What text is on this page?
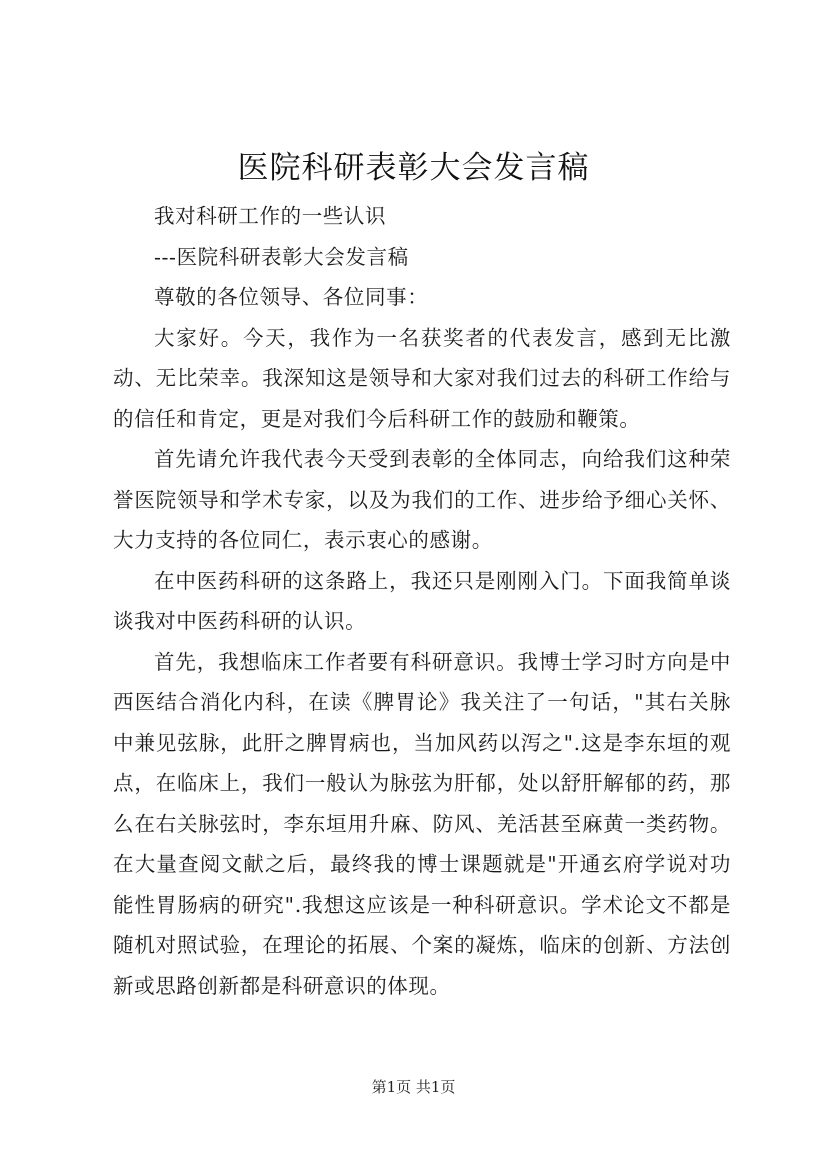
医院科研表彰大会发言稿

我对科研工作的一些认识

---医院科研表彰大会发言稿

尊敬的各位领导、各位同事：

大家好。今天，我作为一名获奖者的代表发言，感到无比激动、无比荣幸。我深知这是领导和大家对我们过去的科研工作给与的信任和肯定，更是对我们今后科研工作的鼓励和鞭策。

首先请允许我代表今天受到表彰的全体同志，向给我们这种荣誉医院领导和学术专家，以及为我们的工作、进步给予细心关怀、大力支持的各位同仁，表示衷心的感谢。

在中医药科研的这条路上，我还只是刚刚入门。下面我简单谈谈我对中医药科研的认识。

首先，我想临床工作者要有科研意识。我博士学习时方向是中西医结合消化内科，在读《脾胃论》我关注了一句话，"其右关脉中兼见弦脉，此肝之脾胃病也，当加风药以泻之".这是李东垣的观点，在临床上，我们一般认为脉弦为肝郁，处以舒肝解郁的药，那么在右关脉弦时，李东垣用升麻、防风、羌活甚至麻黄一类药物。在大量查阅文献之后，最终我的博士课题就是"开通玄府学说对功能性胃肠病的研究".我想这应该是一种科研意识。学术论文不都是随机对照试验，在理论的拓展、个案的凝炼，临床的创新、方法创新或思路创新都是科研意识的体现。

第1页 共1页
